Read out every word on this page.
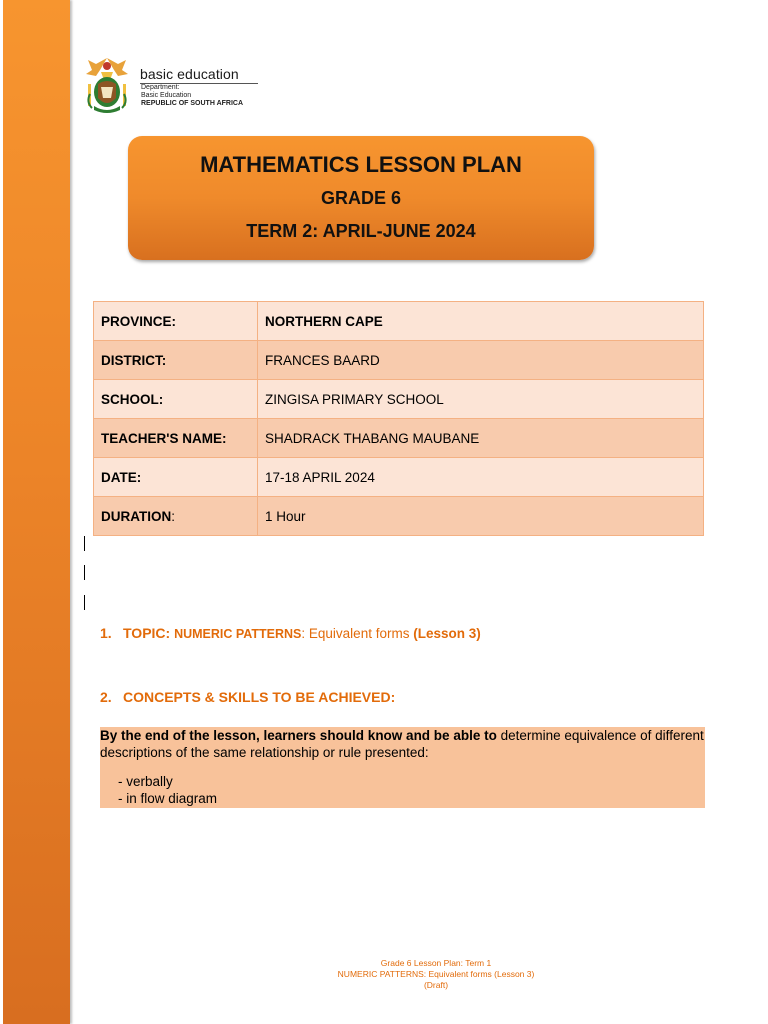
basic education
Department:
Basic Education
REPUBLIC OF SOUTH AFRICA
MATHEMATICS LESSON PLAN
GRADE 6
TERM 2: APRIL-JUNE 2024
PROVINCE:	NORTHERN CAPE
DISTRICT:	FRANCES BAARD
SCHOOL:	ZINGISA PRIMARY SCHOOL
TEACHER'S NAME:	SHADRACK THABANG MAUBANE
DATE:	17-18 APRIL 2024
DURATION:	1 Hour
1. TOPIC: NUMERIC PATTERNS: Equivalent forms (Lesson 3)
2. CONCEPTS & SKILLS TO BE ACHIEVED:
By the end of the lesson, learners should know and be able to determine equivalence of different descriptions of the same relationship or rule presented:
- verbally
- in flow diagram
Grade 6 Lesson Plan: Term 1
NUMERIC PATTERNS: Equivalent forms (Lesson 3)
(Draft)
